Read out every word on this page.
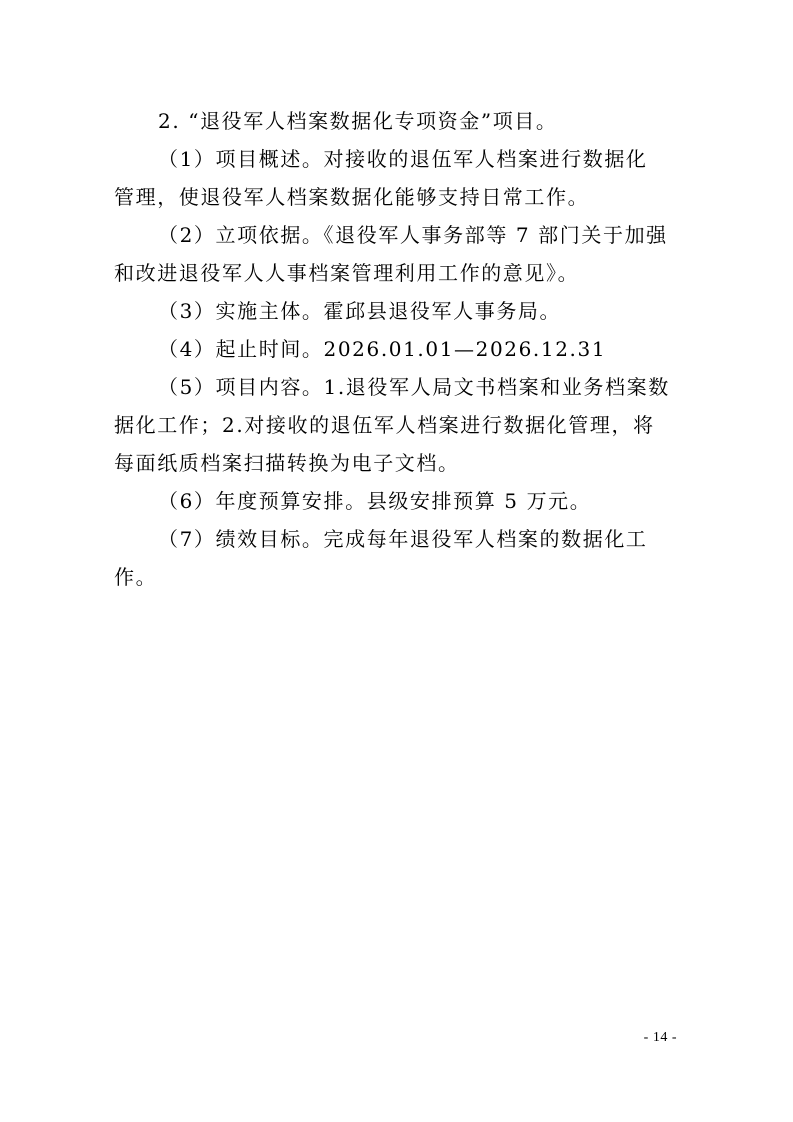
2. “退役军人档案数据化专项资金”项目。
（1）项目概述。对接收的退伍军人档案进行数据化
管理，使退役军人档案数据化能够支持日常工作。
（2）立项依据。《退役军人事务部等 7 部门关于加强
和改进退役军人人事档案管理利用工作的意见》。
（3）实施主体。霍邱县退役军人事务局。
（4）起止时间。2026.01.01—2026.12.31
（5）项目内容。1.退役军人局文书档案和业务档案数
据化工作；2.对接收的退伍军人档案进行数据化管理，将
每面纸质档案扫描转换为电子文档。
（6）年度预算安排。县级安排预算 5 万元。
（7）绩效目标。完成每年退役军人档案的数据化工
作。
- 14 -
